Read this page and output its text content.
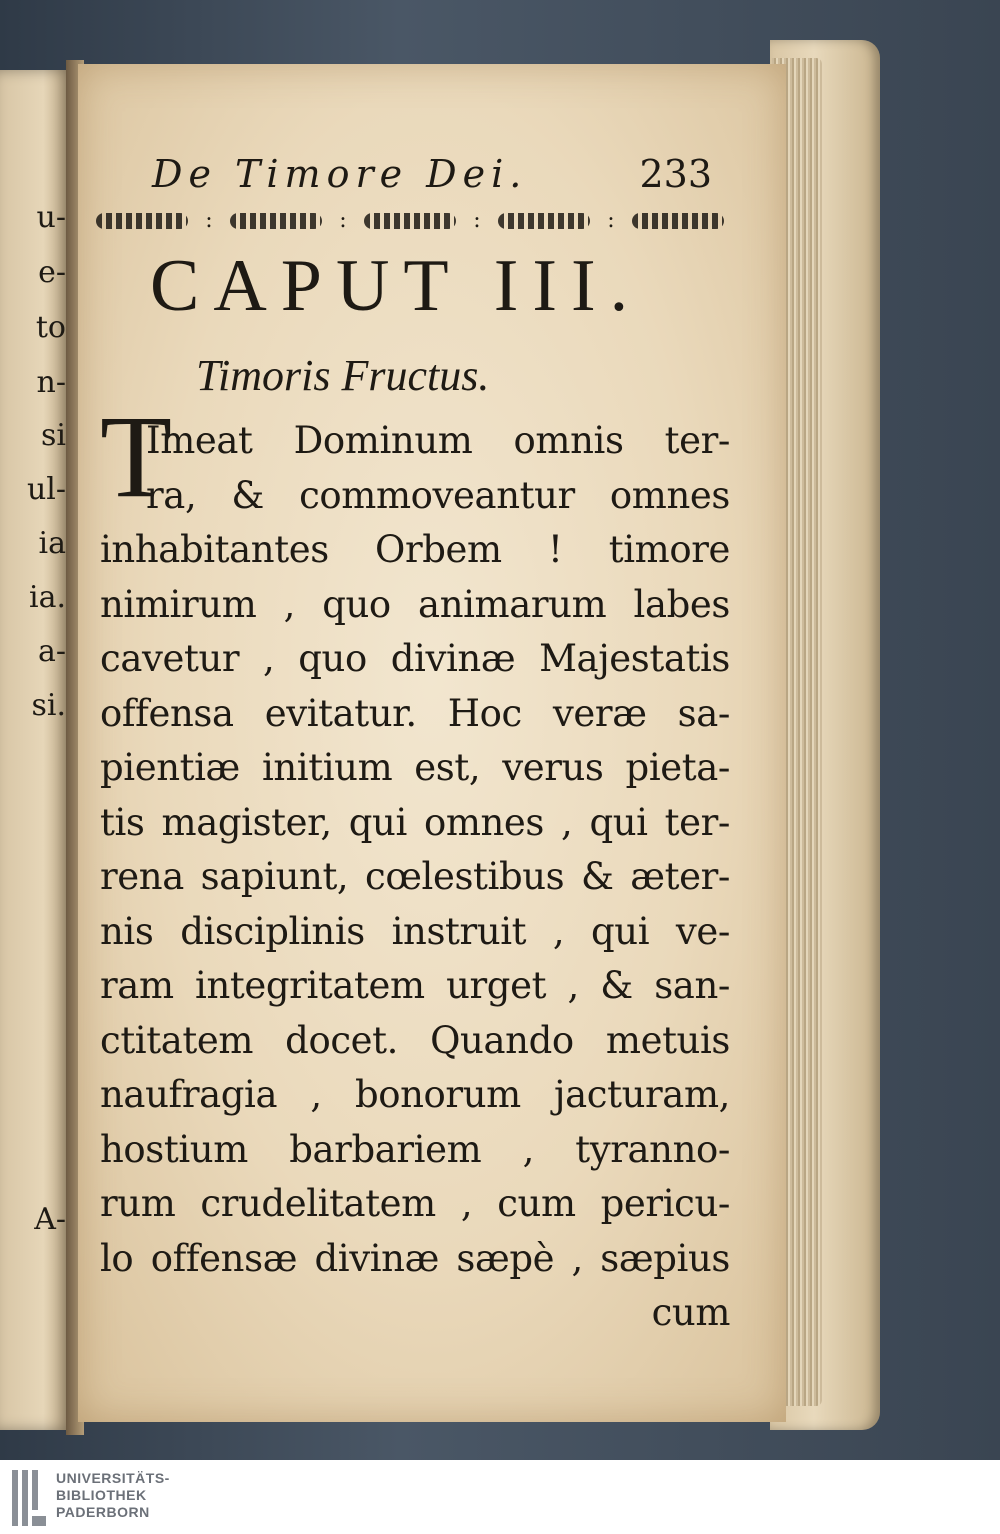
u-
e-
to
n-
si
ul-
ia
ia.
a-
si.
A-
De Timore Dei.	233
:	:	:	:
CAPUT III.
Timoris Fructus.
T
Imeat Dominum omnis ter-
ra, & commoveantur omnes
inhabitantes Orbem ! timore
nimirum , quo animarum labes
cavetur , quo divinæ Majestatis
offensa evitatur. Hoc veræ sa-
pientiæ initium est, verus pieta-
tis magister, qui omnes , qui ter-
rena sapiunt, cœlestibus & æter-
nis disciplinis instruit , qui ve-
ram integritatem urget , & san-
ctitatem docet. Quando metuis
naufragia , bonorum jacturam,
hostium barbariem , tyranno-
rum crudelitatem , cum pericu-
lo offensæ divinæ sæpè , sæpius
cum
UNIVERSITÄTS-
BIBLIOTHEK
PADERBORN
